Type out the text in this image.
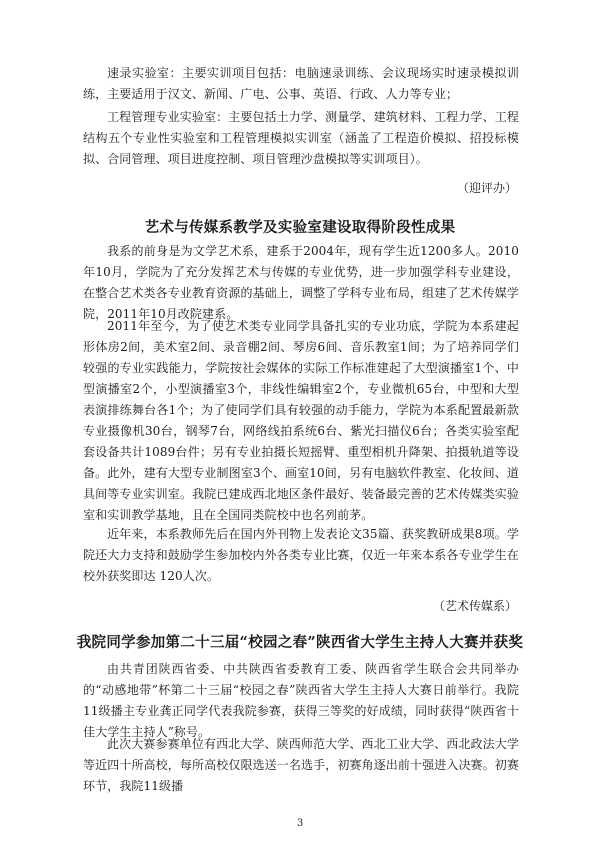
速录实验室：主要实训项目包括：电脑速录训练、会议现场实时速录模拟训练，主要适用于汉文、新闻、广电、公事、英语、行政、人力等专业；

工程管理专业实验室：主要包括土力学、测量学、建筑材料、工程力学、工程结构五个专业性实验室和工程管理模拟实训室（涵盖了工程造价模拟、招投标模拟、合同管理、项目进度控制、项目管理沙盘模拟等实训项目）。

（迎评办）
艺术与传媒系教学及实验室建设取得阶段性成果

我系的前身是为文学艺术系，建系于2004年，现有学生近1200多人。2010年10月，学院为了充分发挥艺术与传媒的专业优势，进一步加强学科专业建设，在整合艺术类各专业教育资源的基础上，调整了学科专业布局，组建了艺术传媒学院，2011年10月改院建系。

2011年至今，为了使艺术类专业同学具备扎实的专业功底，学院为本系建起形体房2间，美术室2间、录音棚2间、琴房6间、音乐教室1间；为了培养同学们较强的专业实践能力，学院按社会媒体的实际工作标准建起了大型演播室1个、中型演播室2个，小型演播室3个，非线性编辑室2个，专业微机65台，中型和大型表演排练舞台各1个；为了使同学们具有较强的动手能力，学院为本系配置最新款专业摄像机30台，钢琴7台，网络线拍系统6台、紫光扫描仪6台；各类实验室配套设备共计1089台件；另有专业拍摄长短摇臂、重型相机升降架、拍摄轨道等设备。此外，建有大型专业制图室3个、画室10间，另有电脑软件教室、化妆间、道具间等专业实训室。我院已建成西北地区条件最好、装备最完善的艺术传媒类实验室和实训教学基地，且在全国同类院校中也名列前茅。

近年来，本系教师先后在国内外刊物上发表论文35篇、获奖教研成果8项。学院还大力支持和鼓励学生参加校内外各类专业比赛，仅近一年来本系各专业学生在校外获奖即达 120人次。

（艺术传媒系）
我院同学参加第二十三届“校园之春”陕西省大学生主持人大赛并获奖

由共青团陕西省委、中共陕西省委教育工委、陕西省学生联合会共同举办的“动感地带”杯第二十三届“校园之春”陕西省大学生主持人大赛日前举行。我院11级播主专业龚正同学代表我院参赛，获得三等奖的好成绩，同时获得“陕西省十佳大学生主持人”称号。

此次大赛参赛单位有西北大学、陕西师范大学、西北工业大学、西北政法大学等近四十所高校，每所高校仅限选送一名选手，初赛角逐出前十强进入决赛。初赛环节，我院11级播

3
